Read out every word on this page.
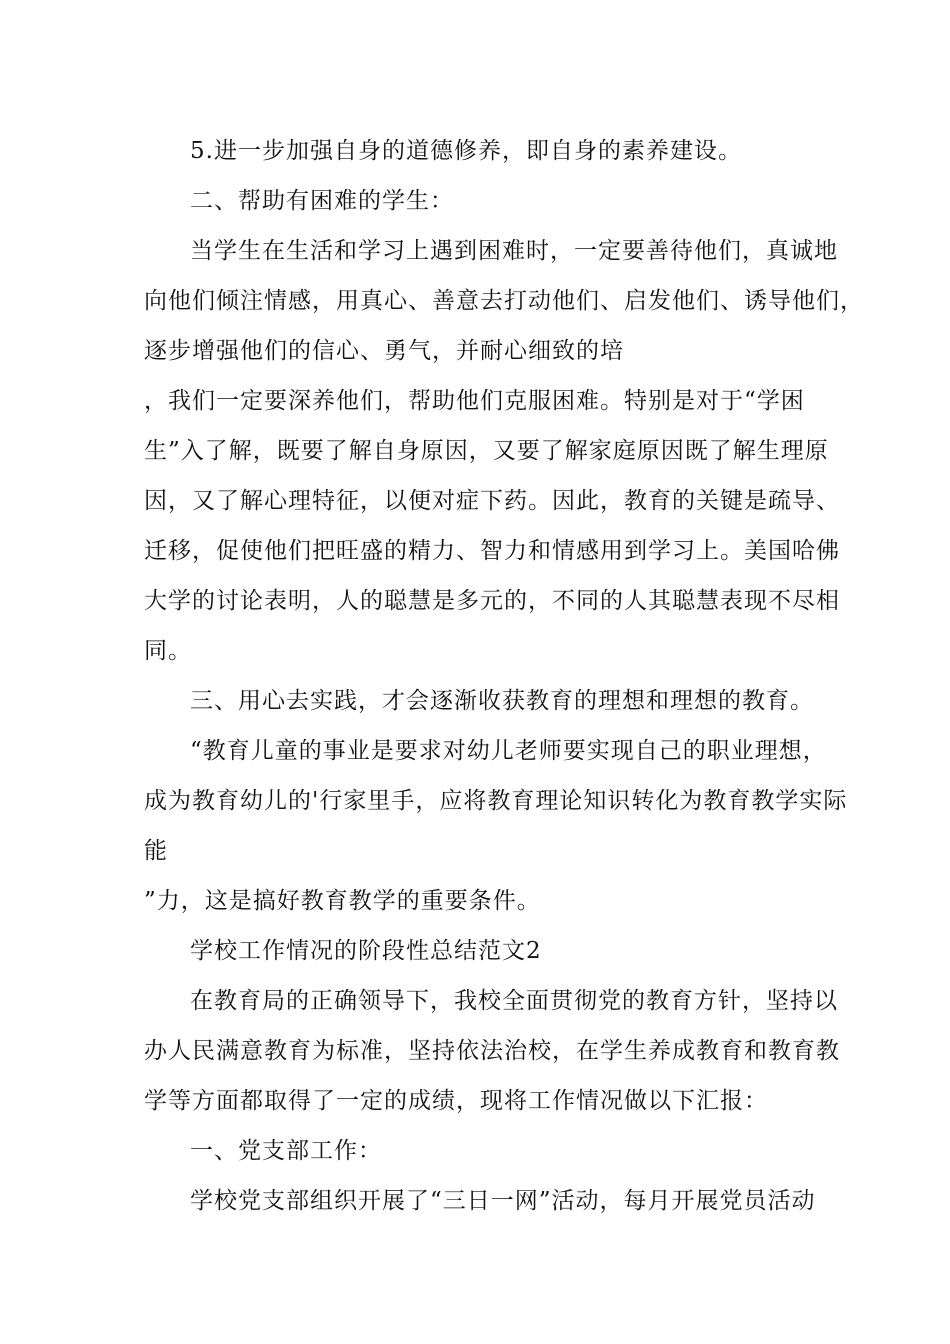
5.进一步加强自身的道德修养，即自身的素养建设。
二、帮助有困难的学生：
当学生在生活和学习上遇到困难时，一定要善待他们，真诚地
向他们倾注情感，用真心、善意去打动他们、启发他们、诱导他们，
逐步增强他们的信心、勇气，并耐心细致的培
，我们一定要深养他们，帮助他们克服困难。特别是对于“学困
生”入了解，既要了解自身原因，又要了解家庭原因既了解生理原
因，又了解心理特征，以便对症下药。因此，教育的关键是疏导、
迁移，促使他们把旺盛的精力、智力和情感用到学习上。美国哈佛
大学的讨论表明，人的聪慧是多元的，不同的人其聪慧表现不尽相
同。
三、用心去实践，才会逐渐收获教育的理想和理想的教育。
“教育儿童的事业是要求对幼儿老师要实现自己的职业理想，
成为教育幼儿的'行家里手，应将教育理论知识转化为教育教学实际
能
”力，这是搞好教育教学的重要条件。
学校工作情况的阶段性总结范文2
在教育局的正确领导下，我校全面贯彻党的教育方针，坚持以
办人民满意教育为标准，坚持依法治校，在学生养成教育和教育教
学等方面都取得了一定的成绩，现将工作情况做以下汇报：
一、党支部工作：
学校党支部组织开展了“三日一网”活动，每月开展党员活动
